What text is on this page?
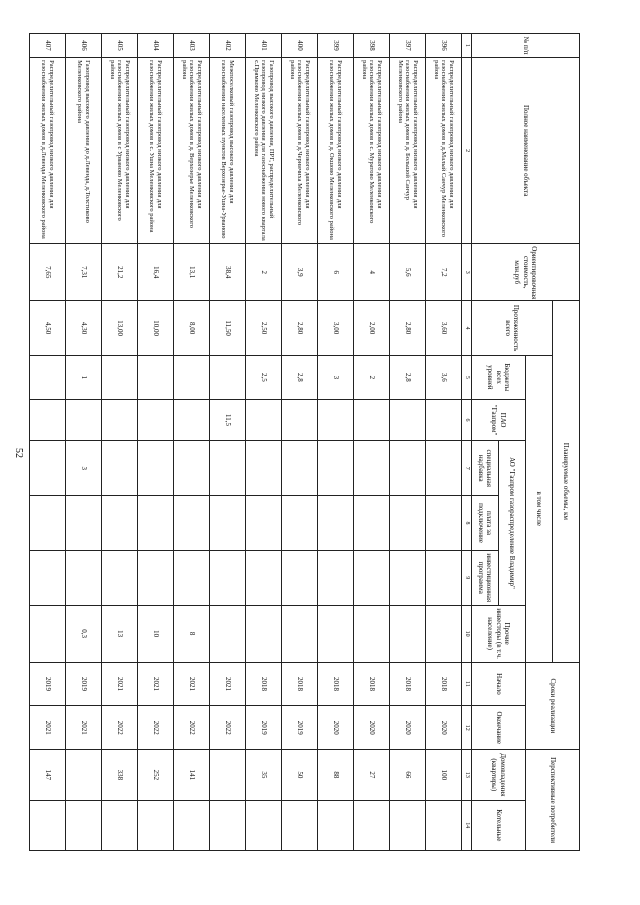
52
№ п/п	Полное наименование объекта	Ориентировочная стоимость, млн.руб	Планируемые объемы, км							Сроки реализации		Перспективные потребители	
			Протяженность всего	в том числе									
				Бюджеты всех уровней	ПАО "Газпром"	АО "Газпром газораспределение Владимир"			Прочие инвесторы (в т.ч. население)	Начало	Окончание	Домовладения (квартиры)	Котельные
						специальная надбавка	плата за подключение	инвестиционная программа					
1	2	3	4	5	6	7	8	9	10	11	12	13	14
396	Распределительный газопровод низкого давления для газоснабжения жилых домов в д.Малый Санчур Меленковского района	7,2	3,60	3,6						2018	2020	100	
397	Распределительный газопровод низкого давления для газоснабжения жилых домов в д. Большой Санчур Меленковского района	5,6	2,80	2,8						2018	2020	66	
398	Распределительный газопровод низкого давления для газоснабжения жилых домов в с. Муратово Меленковского района	4	2,00	2						2018	2020	27	
399	Распределительный газопровод низкого давления для газоснабжения жилых домов в д. Окшово Меленковского района	6	3,00	3						2018	2020	88	
400	Распределительный газопровод низкого давления для газоснабжения жилых домов в д.Черничиха Меленковского района	3,9	2,80	2,8						2018	2019	50	
401	Газопровод высокого давления, ПРГ, распределительный газопровод низкого давления для газоснабжения нового квартала с.Прямково Меленковского района	2	2,50	2,5						2018	2019	35	
402	Межпоселковый газопровод высокого давления для газоснабжения населенных пунктов Верхозерье-Ушна-Урваново	38,4	11,50		11,5					2021	2022		
403	Распределительный газопровод низкого давления для газоснабжения жилых домов в д. Верхозерье Меленковского района	13,1	8,00						8	2021	2022	141	
404	Распределительный газопровод низкого давления для газоснабжения жилых домов в с. Ушна Меленковского района	16,4	10,00						10	2021	2022	252	
405	Распределительный газопровод низкого давления для газоснабжения жилых домов в с Урваново Меленковского района	21,2	13,00						13	2021	2022	338	
406	Газопровод высокого давления до д.Левенда, д.Толстиково Меленковского района	7,31	4,30	1		3			0,3	2019	2021		
407	Распределительный газопровод низкого давления для газоснабжения жилых домов в д.Левенда Меленковского района	7,65	4,50							2019	2021	147	
